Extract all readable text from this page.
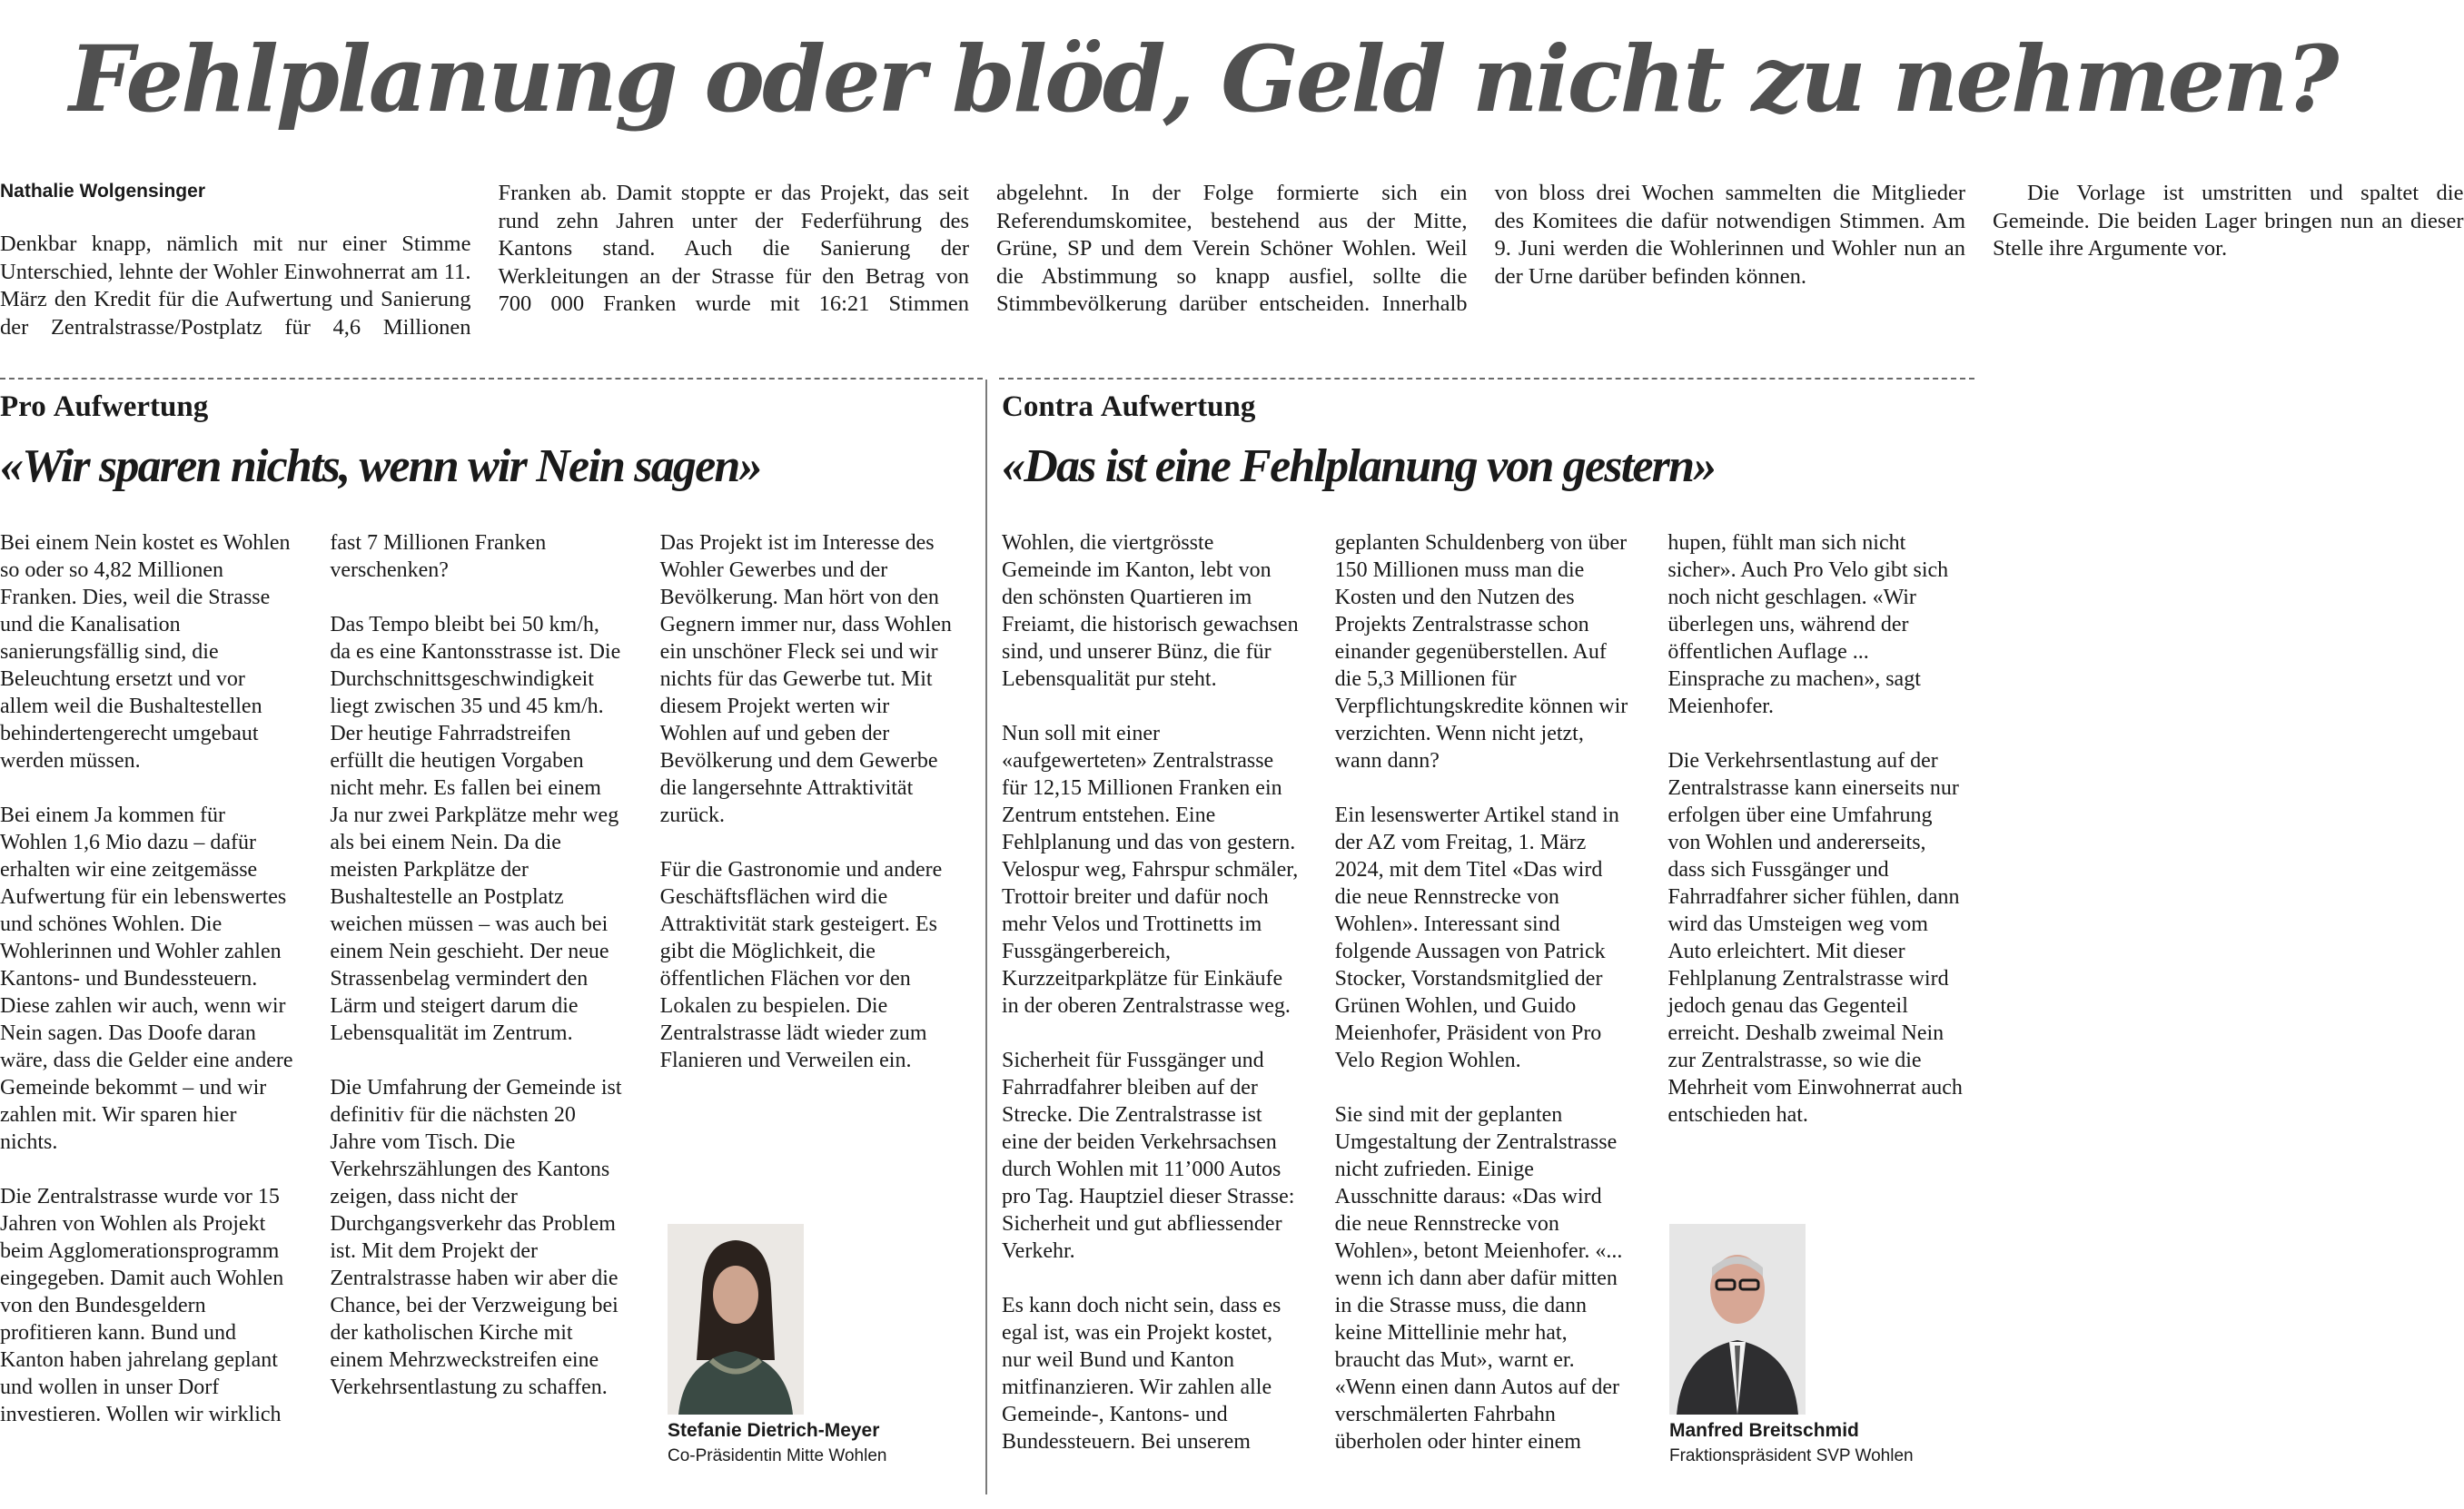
Fehlplanung oder blöd, Geld nicht zu nehmen?
Nathalie Wolgensinger

Denkbar knapp, nämlich mit nur einer Stimme Unterschied, lehnte der Wohler Einwohnerrat am 11. März den Kredit für die Aufwertung und Sanierung der Zentralstrasse/Postplatz für 4,6 Millionen Franken ab. Damit stoppte er das Projekt, das seit rund zehn Jahren unter der Federführung des Kantons stand. Auch die Sanierung der Werkleitungen an der Strasse für den Betrag von 700 000 Franken wurde mit 16:21 Stimmen abgelehnt. In der Folge formierte sich ein Referendumskomitee, bestehend aus der Mitte, Grüne, SP und dem Verein Schöner Wohlen. Weil die Abstimmung so knapp ausfiel, sollte die Stimmbevölkerung darüber entscheiden. Innerhalb von bloss drei Wochen sammelten die Mitglieder des Komitees die dafür notwendigen Stimmen. Am 9. Juni werden die Wohlerinnen und Wohler nun an der Urne darüber befinden können.

Die Vorlage ist umstritten und spaltet die Gemeinde. Die beiden Lager bringen nun an dieser Stelle ihre Argumente vor.

Pro Aufwertung
«Wir sparen nichts, wenn wir Nein sagen»

Bei einem Nein kostet es Wohlen so oder so 4,82 Millionen Franken. Dies, weil die Strasse und die Kanalisation sanierungsfällig sind, die Beleuchtung ersetzt und vor allem weil die Bushaltestellen behindertengerecht umgebaut werden müssen.

Bei einem Ja kommen für Wohlen 1,6 Mio dazu – dafür erhalten wir eine zeitgemässe Aufwertung für ein lebenswertes und schönes Wohlen. Die Wohlerinnen und Wohler zahlen Kantons- und Bundessteuern. Diese zahlen wir auch, wenn wir Nein sagen. Das Doofe daran wäre, dass die Gelder eine andere Gemeinde bekommt – und wir zahlen mit. Wir sparen hier nichts.

Die Zentralstrasse wurde vor 15 Jahren von Wohlen als Projekt beim Agglomerationsprogramm eingegeben. Damit auch Wohlen von den Bundesgeldern profitieren kann. Bund und Kanton haben jahrelang geplant und wollen in unser Dorf investieren. Wollen wir wirklich fast 7 Millionen Franken verschenken?

Das Tempo bleibt bei 50 km/h, da es eine Kantonsstrasse ist. Die Durchschnittsgeschwindigkeit liegt zwischen 35 und 45 km/h. Der heutige Fahrradstreifen erfüllt die heutigen Vorgaben nicht mehr. Es fallen bei einem Ja nur zwei Parkplätze mehr weg als bei einem Nein. Da die meisten Parkplätze der Bushaltestelle an Postplatz weichen müssen – was auch bei einem Nein geschieht. Der neue Strassenbelag vermindert den Lärm und steigert darum die Lebensqualität im Zentrum.

Die Umfahrung der Gemeinde ist definitiv für die nächsten 20 Jahre vom Tisch. Die Verkehrszählungen des Kantons zeigen, dass nicht der Durchgangsverkehr das Problem ist. Mit dem Projekt der Zentralstrasse haben wir aber die Chance, bei der Verzweigung bei der katholischen Kirche mit einem Mehrzweckstreifen eine Verkehrsentlastung zu schaffen.

Das Projekt ist im Interesse des Wohler Gewerbes und der Bevölkerung. Man hört von den Gegnern immer nur, dass Wohlen ein unschöner Fleck sei und wir nichts für das Gewerbe tut. Mit diesem Projekt werten wir Wohlen auf und geben der Bevölkerung und dem Gewerbe die langersehnte Attraktivität zurück.

Für die Gastronomie und andere Geschäftsflächen wird die Attraktivität stark gesteigert. Es gibt die Möglichkeit, die öffentlichen Flächen vor den Lokalen zu bespielen. Die Zentralstrasse lädt wieder zum Flanieren und Verweilen ein.

Stefanie Dietrich-Meyer
Co-Präsidentin Mitte Wohlen
Contra Aufwertung
«Das ist eine Fehlplanung von gestern»

Wohlen, die viertgrösste Gemeinde im Kanton, lebt von den schönsten Quartieren im Freiamt, die historisch gewachsen sind, und unserer Bünz, die für Lebensqualität pur steht.

Nun soll mit einer «aufgewerteten» Zentralstrasse für 12,15 Millionen Franken ein Zentrum entstehen. Eine Fehlplanung und das von gestern. Velospur weg, Fahrspur schmäler, Trottoir breiter und dafür noch mehr Velos und Trottinetts im Fussgängerbereich, Kurzzeitparkplätze für Einkäufe in der oberen Zentralstrasse weg.

Sicherheit für Fussgänger und Fahrradfahrer bleiben auf der Strecke. Die Zentralstrasse ist eine der beiden Verkehrsachsen durch Wohlen mit 11’000 Autos pro Tag. Hauptziel dieser Strasse: Sicherheit und gut abfliessender Verkehr.

Es kann doch nicht sein, dass es egal ist, was ein Projekt kostet, nur weil Bund und Kanton mitfinanzieren. Wir zahlen alle Gemeinde-, Kantons- und Bundessteuern. Bei unserem geplanten Schuldenberg von über 150 Millionen muss man die Kosten und den Nutzen des Projekts Zentralstrasse schon einander gegenüberstellen. Auf die 5,3 Millionen für Verpflichtungskredite können wir verzichten. Wenn nicht jetzt, wann dann?

Ein lesenswerter Artikel stand in der AZ vom Freitag, 1. März 2024, mit dem Titel «Das wird die neue Rennstrecke von Wohlen». Interessant sind folgende Aussagen von Patrick Stocker, Vorstandsmitglied der Grünen Wohlen, und Guido Meienhofer, Präsident von Pro Velo Region Wohlen.

Sie sind mit der geplanten Umgestaltung der Zentralstrasse nicht zufrieden. Einige Ausschnitte daraus: «Das wird die neue Rennstrecke von Wohlen», betont Meienhofer. «... wenn ich dann aber dafür mitten in die Strasse muss, die dann keine Mittellinie mehr hat, braucht das Mut», warnt er. «Wenn einen dann Autos auf der verschmälerten Fahrbahn überholen oder hinter einem hupen, fühlt man sich nicht sicher». Auch Pro Velo gibt sich noch nicht geschlagen. «Wir überlegen uns, während der öffentlichen Auflage ... Einsprache zu machen», sagt Meienhofer.

Die Verkehrsentlastung auf der Zentralstrasse kann einerseits nur erfolgen über eine Umfahrung von Wohlen und andererseits, dass sich Fussgänger und Fahrradfahrer sicher fühlen, dann wird das Umsteigen weg vom Auto erleichtert. Mit dieser Fehlplanung Zentralstrasse wird jedoch genau das Gegenteil erreicht. Deshalb zweimal Nein zur Zentralstrasse, so wie die Mehrheit vom Einwohnerrat auch entschieden hat.

Manfred Breitschmid
Fraktionspräsident SVP Wohlen
